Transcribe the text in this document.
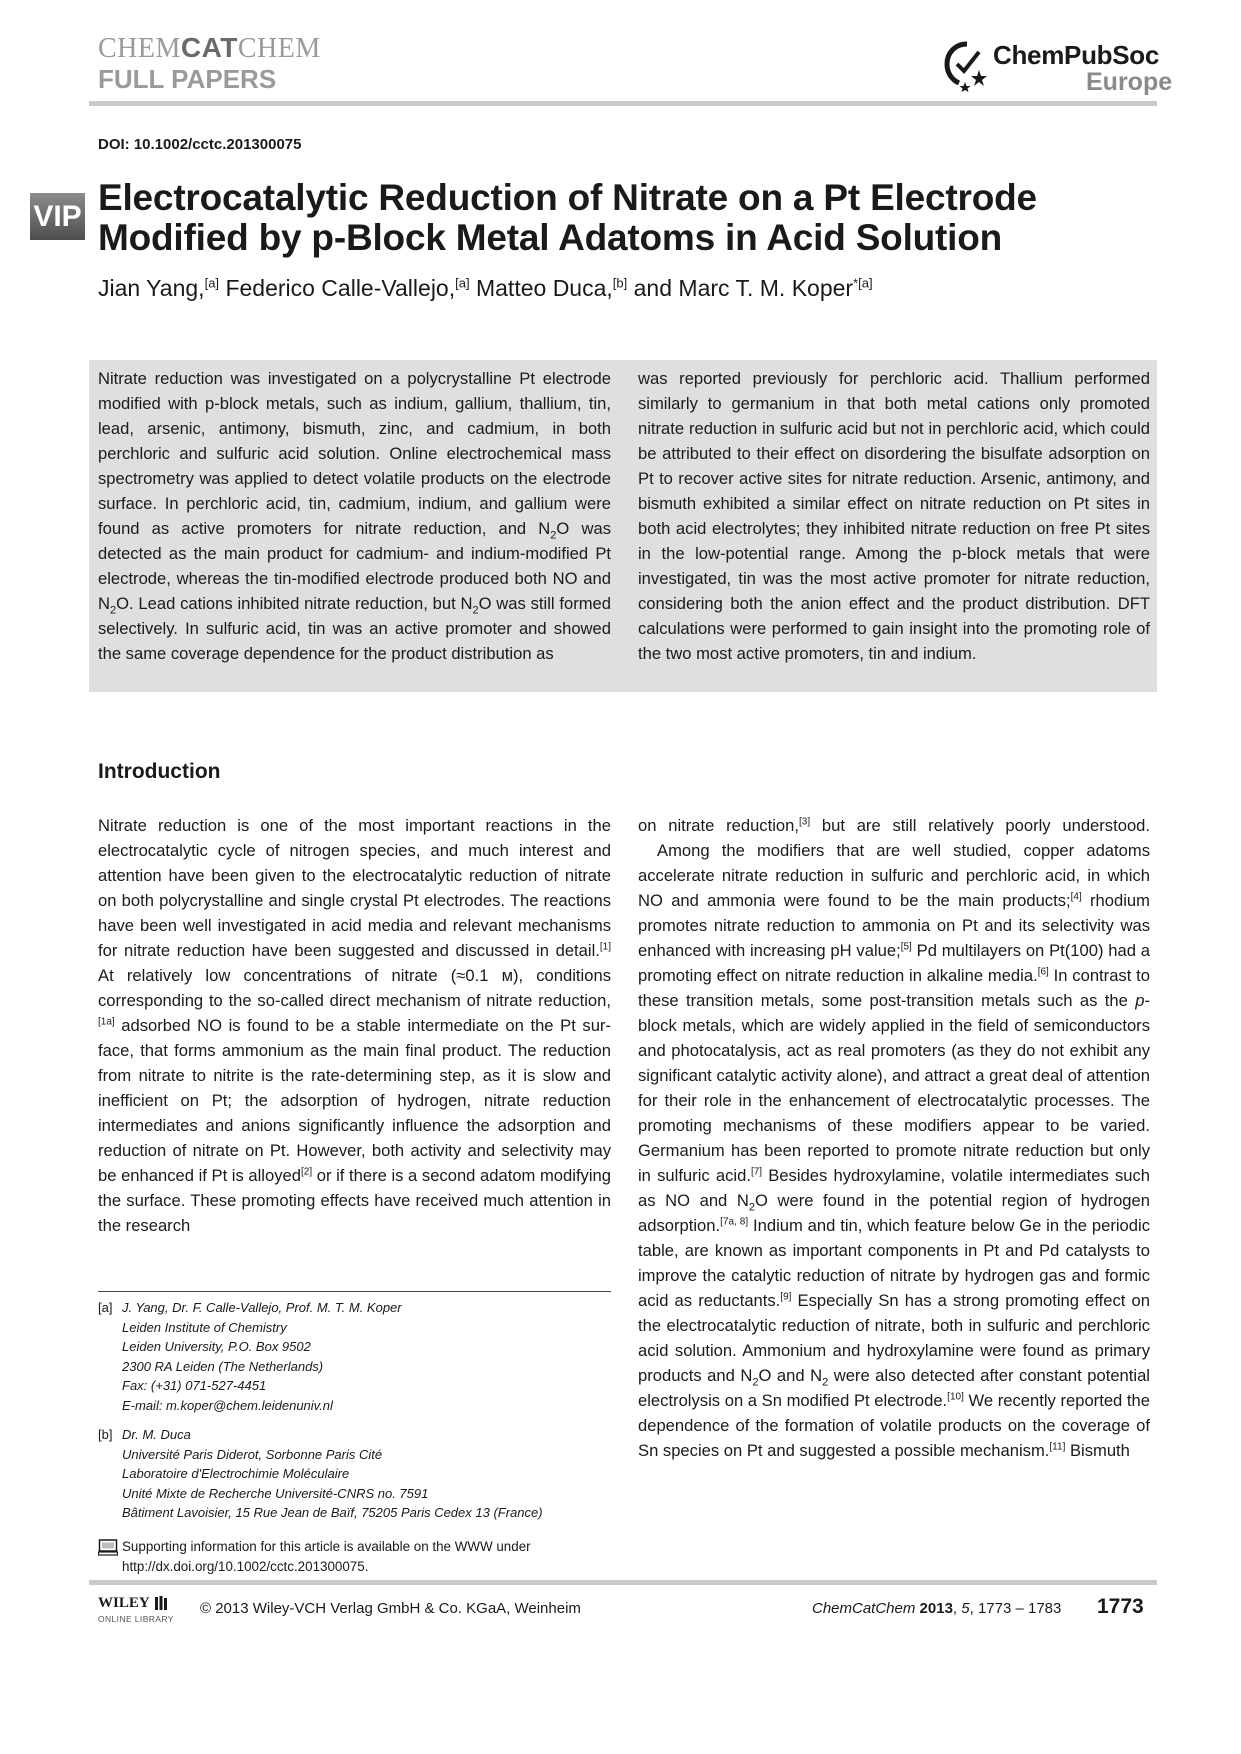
CHEMCATCHEM
FULL PAPERS
ChemPubSoc
Europe
DOI: 10.1002/cctc.201300075
VIP Electrocatalytic Reduction of Nitrate on a Pt Electrode
Modified by p-Block Metal Adatoms in Acid Solution
Jian Yang,[a] Federico Calle-Vallejo,[a] Matteo Duca,[b] and Marc T. M. Koper$^{*[a]}$
Nitrate reduction was investigated on a polycrystalline Pt electrode modified with p-block metals, such as indium, gallium, thallium, tin, lead, arsenic, antimony, bismuth, zinc, and cadmium, in both perchloric and sulfuric acid solution. Online electrochemical mass spectrometry was applied to detect volatile products on the electrode surface. In perchloric acid, tin, cadmium, indium, and gallium were found as active promoters for nitrate reduction, and $N_2O$ was detected as the main product for cadmium- and indium-modified Pt electrode, whereas the tin-modified electrode produced both NO and $N_2O$. Lead cations inhibited nitrate reduction, but $N_2O$ was still formed selectively. In sulfuric acid, tin was an active promoter and showed the same coverage dependence for the product distribution as
was reported previously for perchloric acid. Thallium performed similarly to germanium in that both metal cations only promoted nitrate reduction in sulfuric acid but not in perchloric acid, which could be attributed to their effect on disordering the bisulfate adsorption on Pt to recover active sites for nitrate reduction. Arsenic, antimony, and bismuth exhibited a similar effect on nitrate reduction on Pt sites in both acid electrolytes; they inhibited nitrate reduction on free Pt sites in the low-potential range. Among the p-block metals that were investigated, tin was the most active promoter for nitrate reduction, considering both the anion effect and the product distribution. DFT calculations were performed to gain insight into the promoting role of the two most active promoters, tin and indium.
Introduction
Nitrate reduction is one of the most important reactions in the electrocatalytic cycle of nitrogen species, and much interest and attention have been given to the electrocatalytic reduction of nitrate on both polycrystalline and single crystal Pt electrodes. The reactions have been well investigated in acid media and relevant mechanisms for nitrate reduction have been suggested and discussed in detail.[1] At relatively low concentrations of nitrate (≈0.1 м), conditions corresponding to the so-called direct mechanism of nitrate reduction,[1a] adsorbed NO is found to be a stable intermediate on the Pt surface, that forms ammonium as the main final product. The reduction from nitrate to nitrite is the rate-determining step, as it is slow and inefficient on Pt; the adsorption of hydrogen, nitrate reduction intermediates and anions significantly influence the adsorption and reduction of nitrate on Pt. However, both activity and selectivity may be enhanced if Pt is alloyed[2] or if there is a second adatom modifying the surface. These promoting effects have received much attention in the research
on nitrate reduction,[3] but are still relatively poorly understood.
Among the modifiers that are well studied, copper adatoms accelerate nitrate reduction in sulfuric and perchloric acid, in which NO and ammonia were found to be the main products;[4] rhodium promotes nitrate reduction to ammonia on Pt and its selectivity was enhanced with increasing pH value;[5] Pd multilayers on Pt(100) had a promoting effect on nitrate reduction in alkaline media.[6] In contrast to these transition metals, some post-transition metals such as the p-block metals, which are widely applied in the field of semiconductors and photocatalysis, act as real promoters (as they do not exhibit any significant catalytic activity alone), and attract a great deal of attention for their role in the enhancement of electrocatalytic processes. The promoting mechanisms of these modifiers appear to be varied. Germanium has been reported to promote nitrate reduction but only in sulfuric acid.[7] Besides hydroxylamine, volatile intermediates such as NO and $N_2O$ were found in the potential region of hydrogen adsorption.[7a, 8] Indium and tin, which feature below Ge in the periodic table, are known as important components in Pt and Pd catalysts to improve the catalytic reduction of nitrate by hydrogen gas and formic acid as reductants.[9] Especially Sn has a strong promoting effect on the electrocatalytic reduction of nitrate, both in sulfuric and perchloric acid solution. Ammonium and hydroxylamine were found as primary products and $N_2O$ and $N_2$ were also detected after constant potential electrolysis on a Sn modified Pt electrode.[10] We recently reported the dependence of the formation of volatile products on the coverage of Sn species on Pt and suggested a possible mechanism.[11] Bismuth
[a] J. Yang, Dr. F. Calle-Vallejo, Prof. M. T. M. Koper
Leiden Institute of Chemistry
Leiden University, P.O. Box 9502
2300 RA Leiden (The Netherlands)
Fax: (+31) 071-527-4451
E-mail: m.koper@chem.leidenuniv.nl
[b] Dr. M. Duca
Université Paris Diderot, Sorbonne Paris Cité
Laboratoire d'Electrochimie Moléculaire
Unité Mixte de Recherche Université-CNRS no. 7591
Bâtiment Lavoisier, 15 Rue Jean de Baïf, 75205 Paris Cedex 13 (France)
Supporting information for this article is available on the WWW under
http://dx.doi.org/10.1002/cctc.201300075.
WILEY
ONLINE LIBRARY
© 2013 Wiley-VCH Verlag GmbH & Co. KGaA, Weinheim	ChemCatChem 2013, 5, 1773 – 1783 1773
